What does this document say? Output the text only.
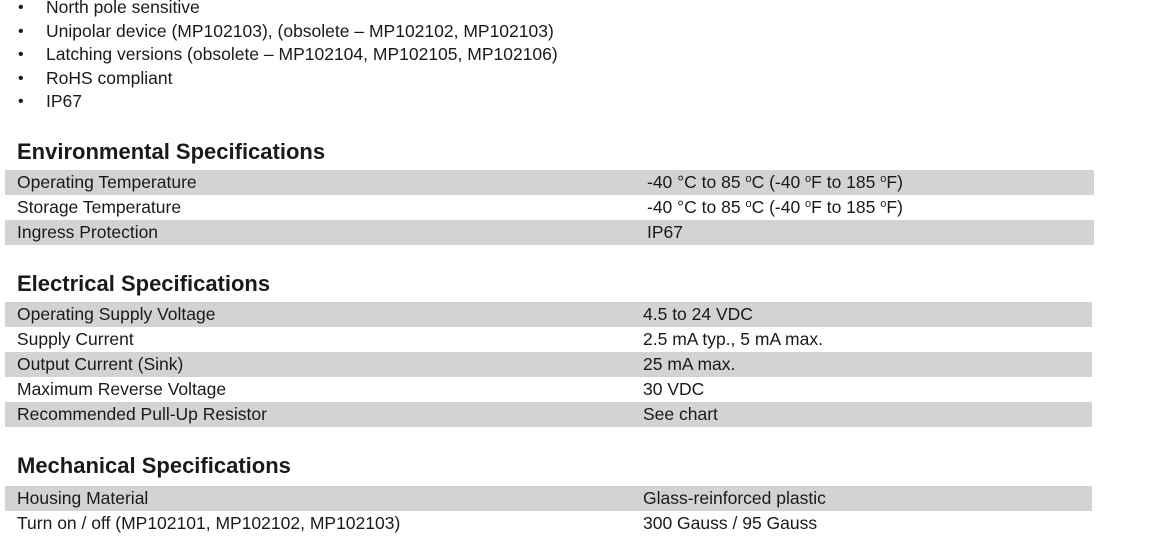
• North pole sensitive
• Unipolar device (MP102103), (obsolete – MP102102, MP102103)
• Latching versions (obsolete – MP102104, MP102105, MP102106)
• RoHS compliant
• IP67
Environmental Specifications
Operating Temperature	-40 °C to 85 $^o$C (-40 $^o$F to 185 $^o$F)
Storage Temperature	-40 °C to 85 $^o$C (-40 $^o$F to 185 $^o$F)
Ingress Protection	IP67
Electrical Specifications
Operating Supply Voltage	4.5 to 24 VDC
Supply Current	2.5 mA typ., 5 mA max.
Output Current (Sink)	25 mA max.
Maximum Reverse Voltage	30 VDC
Recommended Pull-Up Resistor	See chart
Mechanical Specifications
Housing Material	Glass-reinforced plastic
Turn on / off (MP102101, MP102102, MP102103)	300 Gauss / 95 Gauss
